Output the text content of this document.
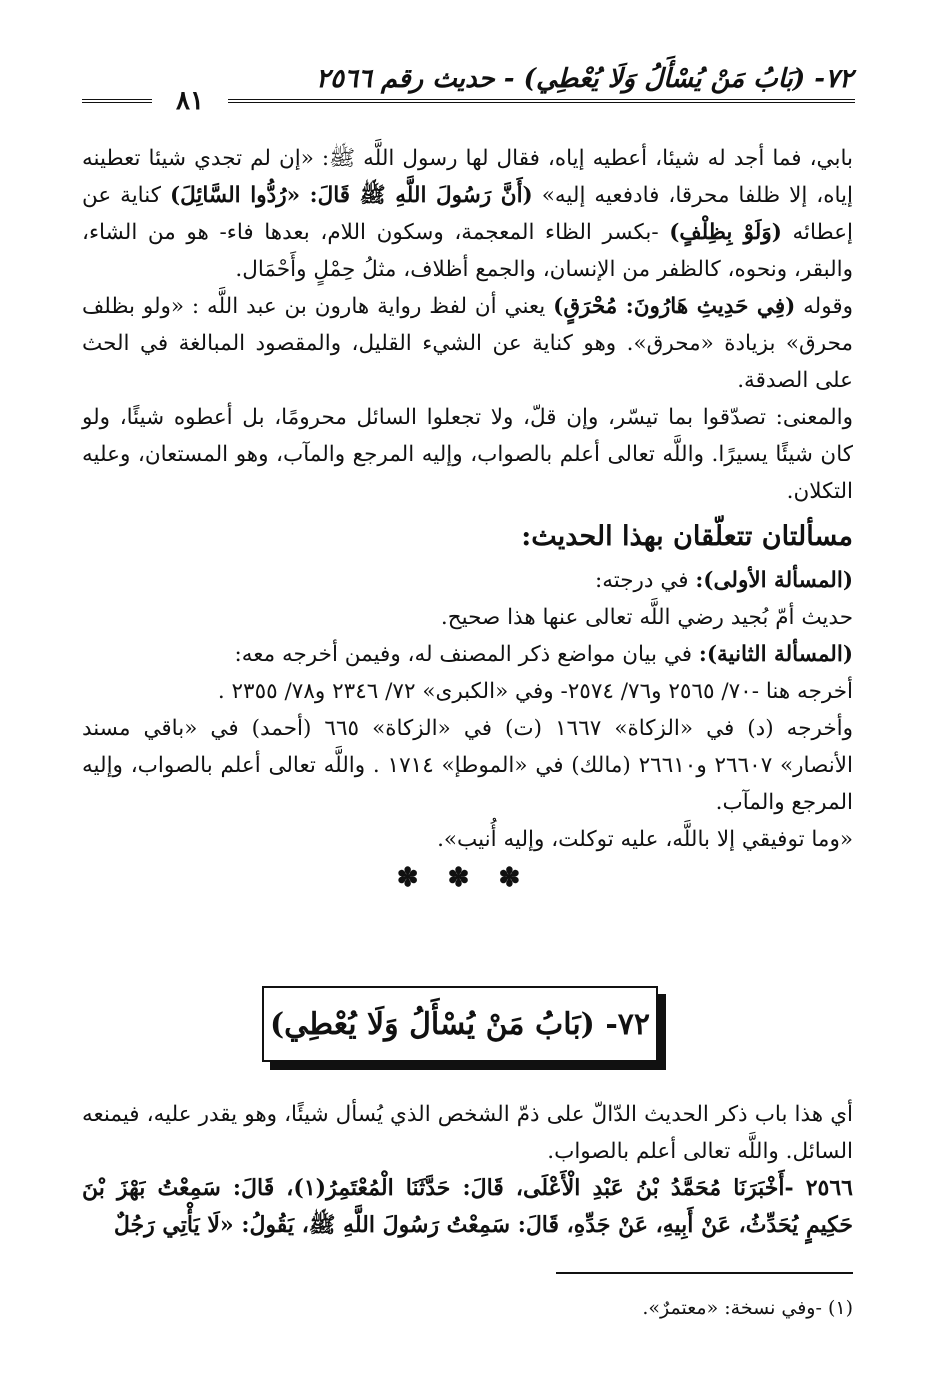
٧٢- (بَابُ مَنْ يُسْأَلُ وَلَا يُعْطِي) - حديث رقم ٢٥٦٦
٨١

بابي، فما أجد له شيئا، أعطيه إياه، فقال لها رسول اللَّه ﷺ: «إن لم تجدي شيئا تعطينه إياه، إلا ظلفا محرقا، فادفعيه إليه» (أَنَّ رَسُولَ اللَّهِ ﷺ قَالَ: «رُدُّوا السَّائِلَ) كناية عن إعطائه (وَلَوْ بِظِلْفٍ) -بكسر الظاء المعجمة، وسكون اللام، بعدها فاء- هو من الشاء، والبقر، ونحوه، كالظفر من الإنسان، والجمع أظلاف، مثلُ حِمْلٍ وأَحْمَال.

وقوله (فِي حَدِيثِ هَارُونَ: مُحْرَقٍ) يعني أن لفظ رواية هارون بن عبد اللَّه : «ولو بظلف محرق» بزيادة «محرق». وهو كناية عن الشيء القليل، والمقصود المبالغة في الحث على الصدقة.

والمعنى: تصدّقوا بما تيسّر، وإن قلّ، ولا تجعلوا السائل محرومًا، بل أعطوه شيئًا، ولو كان شيئًا يسيرًا. واللَّه تعالى أعلم بالصواب، وإليه المرجع والمآب، وهو المستعان، وعليه التكلان.

مسألتان تتعلّقان بهذا الحديث:

(المسألة الأولى): في درجته:

حديث أمّ بُجيد رضي اللَّه تعالى عنها هذا صحيح.

(المسألة الثانية): في بيان مواضع ذكر المصنف له، وفيمن أخرجه معه:

أخرجه هنا -٧٠/ ٢٥٦٥ و٧٦/ ٢٥٧٤- وفي «الكبرى» ٧٢/ ٢٣٤٦ و٧٨/ ٢٣٥٥ .

وأخرجه (د) في «الزكاة» ١٦٦٧ (ت) في «الزكاة» ٦٦٥ (أحمد) في «باقي مسند الأنصار» ٢٦٦٠٧ و٢٦٦١٠ (مالك) في «الموطإ» ١٧١٤ . واللَّه تعالى أعلم بالصواب، وإليه المرجع والمآب.

«وما توفيقي إلا باللَّه، عليه توكلت، وإليه أُنيب».

✽ ✽ ✽
٧٢- (بَابُ مَنْ يُسْأَلُ وَلَا يُعْطِي)

أي هذا باب ذكر الحديث الدّالّ على ذمّ الشخص الذي يُسأل شيئًا، وهو يقدر عليه، فيمنعه السائل. واللَّه تعالى أعلم بالصواب.

٢٥٦٦ -أَخْبَرَنَا مُحَمَّدُ بْنُ عَبْدِ الْأَعْلَى، قَالَ: حَدَّثَنَا الْمُعْتَمِرُ(١)، قَالَ: سَمِعْتُ بَهْزَ بْنَ حَكِيمٍ يُحَدِّثُ، عَنْ أَبِيهِ، عَنْ جَدِّهِ، قَالَ: سَمِعْتُ رَسُولَ اللَّهِ ﷺ، يَقُولُ: «لَا يَأْتِي رَجُلٌ

(١) -وفي نسخة: «معتمرٌ».
